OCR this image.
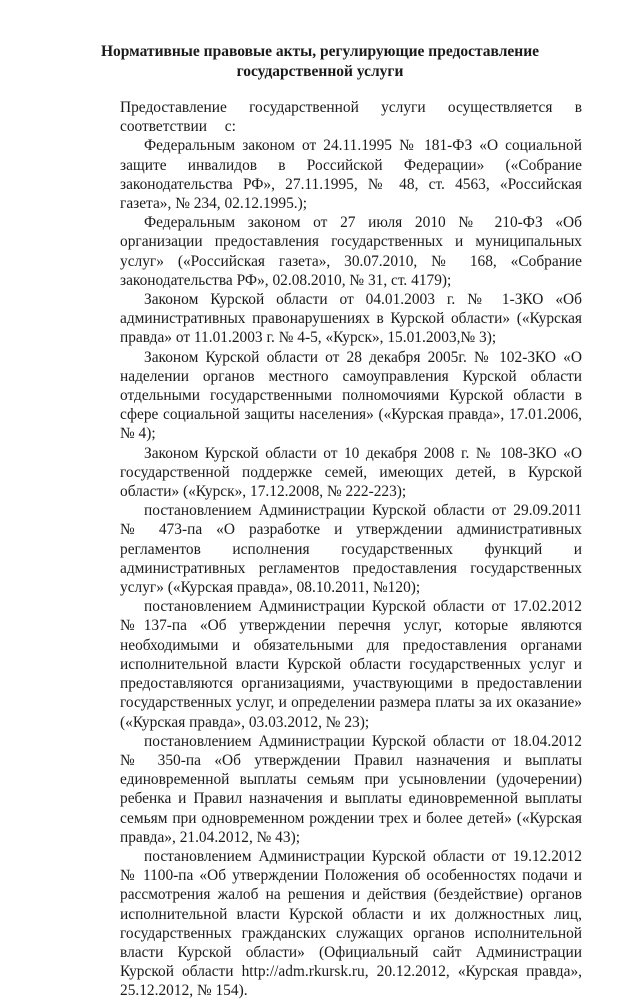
Нормативные правовые акты, регулирующие предоставление
государственной услуги

Предоставление государственной услуги осуществляется в соответствии с:

Федеральным законом от 24.11.1995 № 181-ФЗ «О социальной защите инвалидов в Российской Федерации» («Собрание законодательства РФ», 27.11.1995, № 48, ст. 4563, «Российская газета», № 234, 02.12.1995.);

Федеральным законом от 27 июля 2010 № 210-ФЗ «Об организации предоставления государственных и муниципальных услуг» («Российская газета», 30.07.2010, № 168, «Собрание законодательства РФ», 02.08.2010, № 31, ст. 4179);

Законом Курской области от 04.01.2003 г. № 1-ЗКО «Об административных правонарушениях в Курской области» («Курская правда» от 11.01.2003 г. № 4-5, «Курск», 15.01.2003,№ 3);

Законом Курской области от 28 декабря 2005г. № 102-ЗКО «О наделении органов местного самоуправления Курской области отдельными государственными полномочиями Курской области в сфере социальной защиты населения» («Курская правда», 17.01.2006, № 4);

Законом Курской области от 10 декабря 2008 г. № 108-ЗКО «О государственной поддержке семей, имеющих детей, в Курской области» («Курск», 17.12.2008, № 222-223);

постановлением Администрации Курской области от 29.09.2011 № 473-па «О разработке и утверждении административных регламентов исполнения государственных функций и административных регламентов предоставления государственных услуг» («Курская правда», 08.10.2011, №120);

постановлением Администрации Курской области от 17.02.2012 №137-па «Об утверждении перечня услуг, которые являются необходимыми и обязательными для предоставления органами исполнительной власти Курской области государственных услуг и предоставляются организациями, участвующими в предоставлении государственных услуг, и определении размера платы за их оказание» («Курская правда», 03.03.2012, № 23);

постановлением Администрации Курской области от 18.04.2012 № 350-па «Об утверждении Правил назначения и выплаты единовременной выплаты семьям при усыновлении (удочерении) ребенка и Правил назначения и выплаты единовременной выплаты семьям при одновременном рождении трех и более детей» («Курская правда», 21.04.2012, № 43);

постановлением Администрации Курской области от 19.12.2012 № 1100-па «Об утверждении Положения об особенностях подачи и рассмотрения жалоб на решения и действия (бездействие) органов исполнительной власти Курской области и их должностных лиц, государственных гражданских служащих органов исполнительной власти Курской области» (Официальный сайт Администрации Курской области http://adm.rkursk.ru, 20.12.2012, «Курская правда», 25.12.2012, № 154).
